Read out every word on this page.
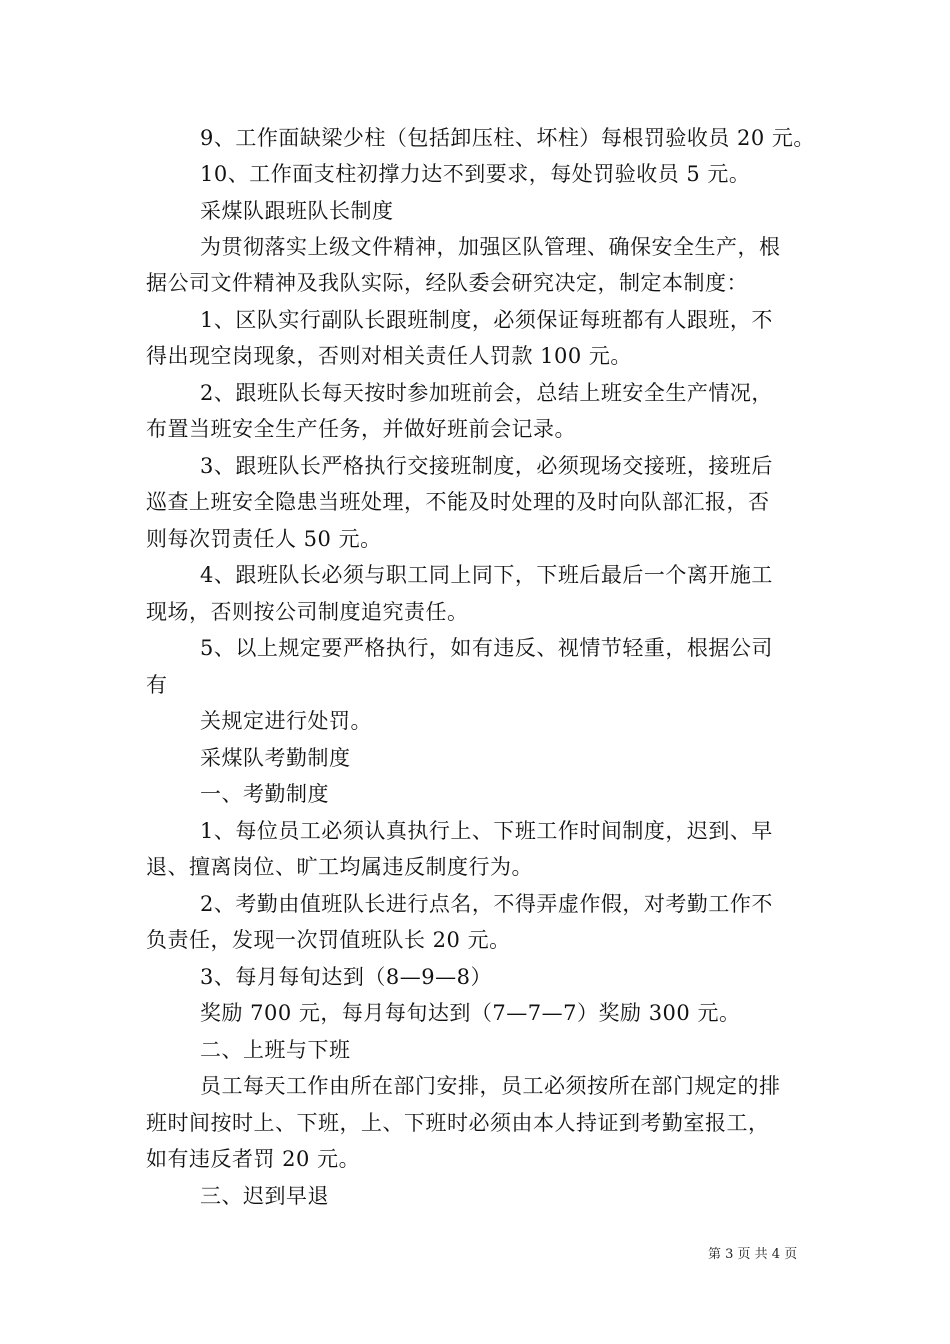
9、工作面缺梁少柱（包括卸压柱、坏柱）每根罚验收员 20 元。
10、工作面支柱初撑力达不到要求，每处罚验收员 5 元。
采煤队跟班队长制度
为贯彻落实上级文件精神，加强区队管理、确保安全生产，根
据公司文件精神及我队实际，经队委会研究决定，制定本制度：
1、区队实行副队长跟班制度，必须保证每班都有人跟班，不
得出现空岗现象，否则对相关责任人罚款 100 元。
2、跟班队长每天按时参加班前会，总结上班安全生产情况，
布置当班安全生产任务，并做好班前会记录。
3、跟班队长严格执行交接班制度，必须现场交接班，接班后
巡查上班安全隐患当班处理，不能及时处理的及时向队部汇报，否
则每次罚责任人 50 元。
4、跟班队长必须与职工同上同下，下班后最后一个离开施工
现场，否则按公司制度追究责任。
5、以上规定要严格执行，如有违反、视情节轻重，根据公司
有
关规定进行处罚。
采煤队考勤制度
一、考勤制度
1、每位员工必须认真执行上、下班工作时间制度，迟到、早
退、擅离岗位、旷工均属违反制度行为。
2、考勤由值班队长进行点名，不得弄虚作假，对考勤工作不
负责任，发现一次罚值班队长 20 元。
3、每月每旬达到（8—9—8）
奖励 700 元，每月每旬达到（7—7—7）奖励 300 元。
二、上班与下班
员工每天工作由所在部门安排，员工必须按所在部门规定的排
班时间按时上、下班，上、下班时必须由本人持证到考勤室报工，
如有违反者罚 20 元。
三、迟到早退
第 3 页 共 4 页
